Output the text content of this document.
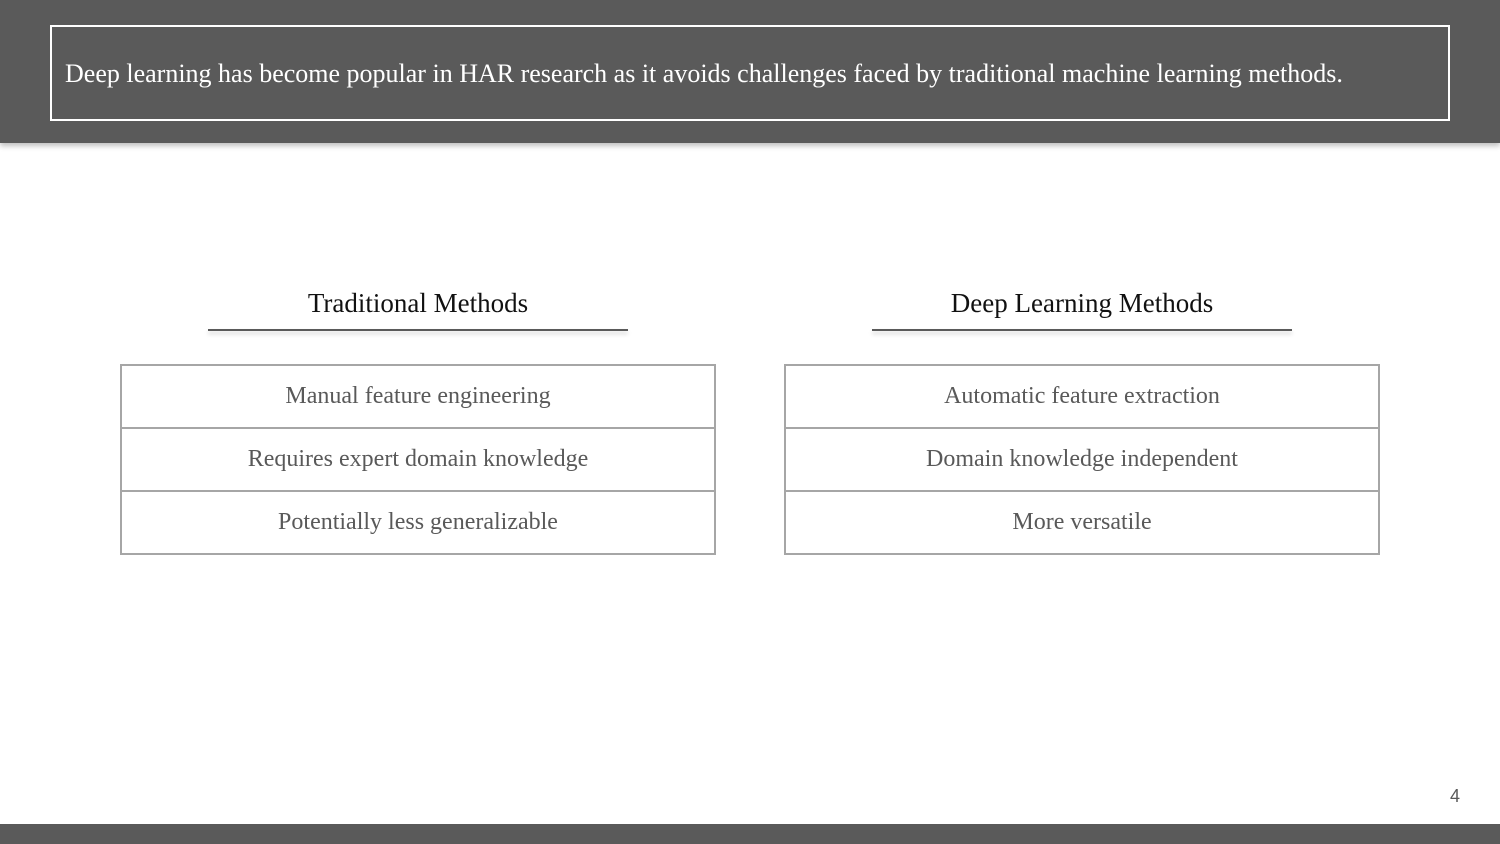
Deep learning has become popular in HAR research as it avoids challenges faced by traditional machine learning methods.
Traditional Methods
Manual feature engineering
Requires expert domain knowledge
Potentially less generalizable
Deep Learning Methods
Automatic feature extraction
Domain knowledge independent
More versatile
4
